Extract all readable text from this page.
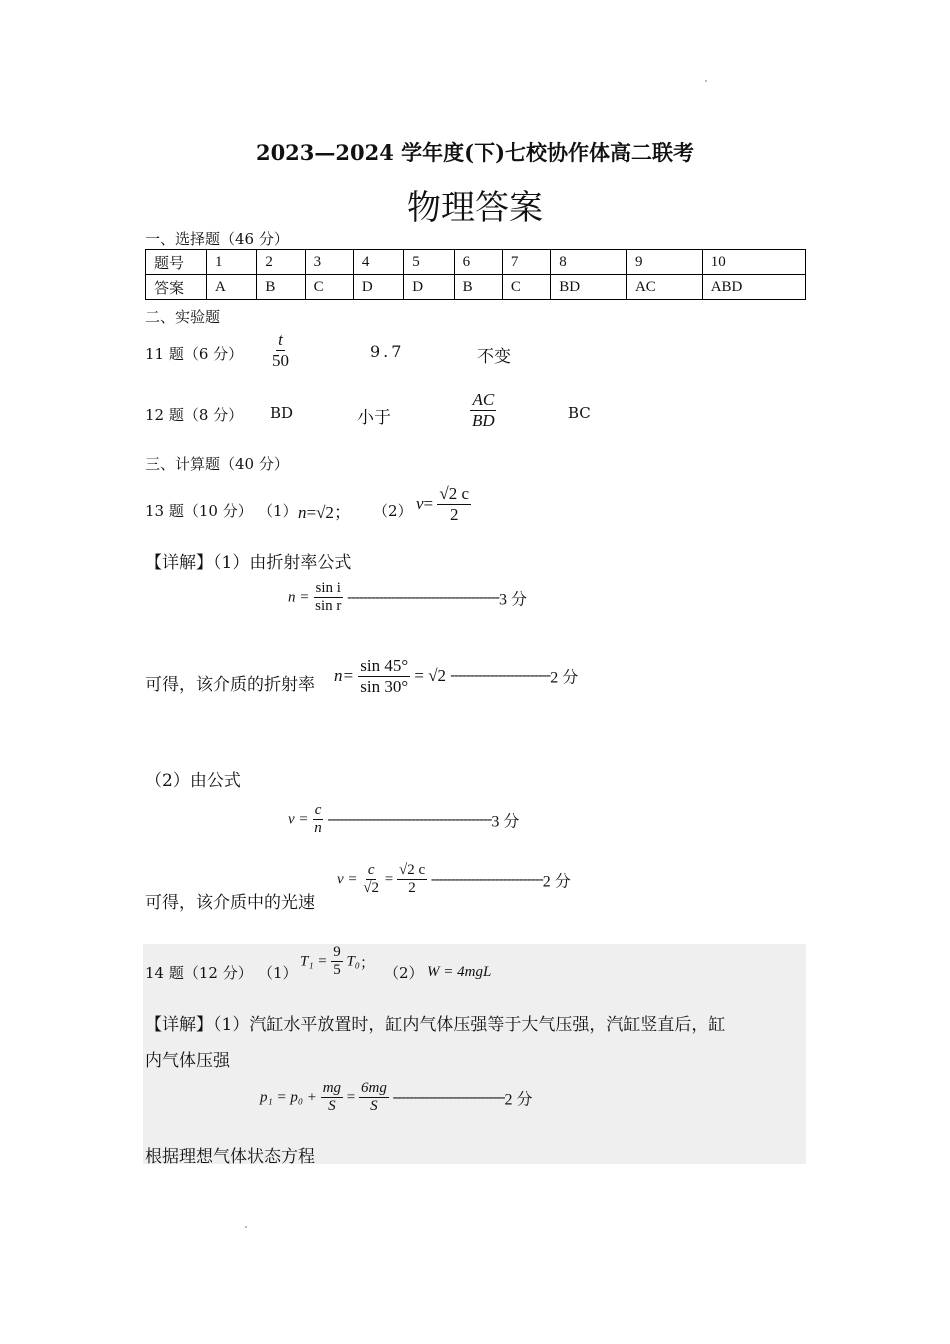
2023—2024 学年度(下)七校协作体高二联考
物理答案
一、选择题（46 分）
题号	1	2	3	4	5	6	7	8	9	10
答案	A	B	C	D	D	B	C	BD	AC	ABD
二、实验题
11 题（6 分） $\frac{t}{50}$	9.7	不变
12 题（8 分） BD	小于	$\frac{AC}{BD}$	BC
三、计算题（40 分）
13 题（10 分） （1） n=√2； （2） $v= \frac{√2 c}{2}$
【详解】（1）由折射率公式
$n = \frac{\text{sin i}}{\text{sin r}} --------------------------------------3$ 分
可得，该介质的折射率 $n= \frac{\sin 45^\circ}{\sin 30^\circ} = √2$ -------------------------2 分
（2）由公式
$v = \frac{c}{n} -----------------------------------------3$ 分
可得，该介质中的光速
$v = \frac{c}{√2} = \frac{√2 c}{2} ----------------------------2$ 分
14 题（12 分） （1）
$T_1 = \frac{9}{5} T_0$；
（2） W = 4mgL
【详解】（1）汽缸水平放置时，缸内气体压强等于大气压强，汽缸竖直后，缸
内气体压强
$p_1 = p_0 + \frac{mg}{S} = \frac{6mg}{S} ----------------------------2$ 分
根据理想气体状态方程
